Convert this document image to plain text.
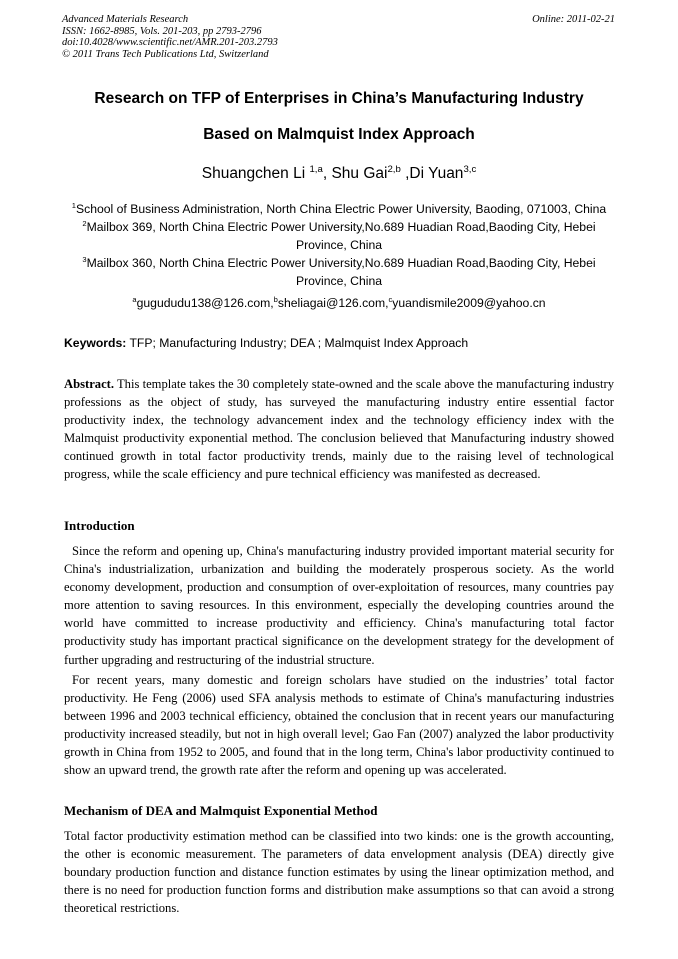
Advanced Materials Research
ISSN: 1662-8985, Vols. 201-203, pp 2793-2796
doi:10.4028/www.scientific.net/AMR.201-203.2793
© 2011 Trans Tech Publications Ltd, Switzerland
Online: 2011-02-21
Research on TFP of Enterprises in China’s Manufacturing Industry
Based on Malmquist Index Approach
Shuangchen Li $^{1,a}$, Shu Gai$^{2,b}$ ,Di Yuan$^{3,c}$
$^1$School of Business Administration, North China Electric Power University, Baoding, 071003, China
$^2$Mailbox 369, North China Electric Power University,No.689 Huadian Road,Baoding City, Hebei Province, China
$^3$Mailbox 360, North China Electric Power University,No.689 Huadian Road,Baoding City, Hebei Province, China
$^a$gugududu138@126.com,$^b$sheliagai@126.com,$^c$yuandismile2009@yahoo.cn
Keywords: TFP; Manufacturing Industry; DEA ; Malmquist Index Approach
Abstract. This template takes the 30 completely state-owned and the scale above the manufacturing industry professions as the object of study, has surveyed the manufacturing industry entire essential factor productivity index, the technology advancement index and the technology efficiency index with the Malmquist productivity exponential method. The conclusion believed that Manufacturing industry showed continued growth in total factor productivity trends, mainly due to the raising level of technological progress, while the scale efficiency and pure technical efficiency was manifested as decreased.
Introduction
Since the reform and opening up, China's manufacturing industry provided important material security for China's industrialization, urbanization and building the moderately prosperous society. As the world economy development, production and consumption of over-exploitation of resources, many countries pay more attention to saving resources. In this environment, especially the developing countries around the world have committed to increase productivity and efficiency. China's manufacturing total factor productivity study has important practical significance on the development strategy for the development of further upgrading and restructuring of the industrial structure.
For recent years, many domestic and foreign scholars have studied on the industries’ total factor productivity. He Feng (2006) used SFA analysis methods to estimate of China's manufacturing industries between 1996 and 2003 technical efficiency, obtained the conclusion that in recent years our manufacturing productivity increased steadily, but not in high overall level; Gao Fan (2007) analyzed the labor productivity growth in China from 1952 to 2005, and found that in the long term, China's labor productivity continued to show an upward trend, the growth rate after the reform and opening up was accelerated.
Mechanism of DEA and Malmquist Exponential Method
Total factor productivity estimation method can be classified into two kinds: one is the growth accounting, the other is economic measurement. The parameters of data envelopment analysis (DEA) directly give boundary production function and distance function estimates by using the linear optimization method, and there is no need for production function forms and distribution make assumptions so that can avoid a strong theoretical restrictions.
